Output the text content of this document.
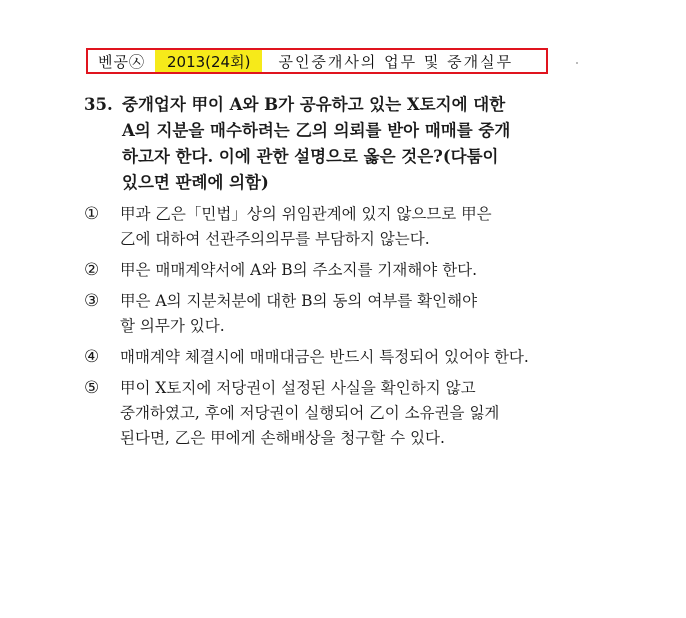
벤공㉦	2013(24회)	공인중개사의 업무 및 중개실무
35. 중개업자 甲이 A와 B가 공유하고 있는 X토지에 대한
A의 지분을 매수하려는 乙의 의뢰를 받아 매매를 중개
하고자 한다. 이에 관한 설명으로 옳은 것은?(다툼이
있으면 판례에 의함)
①	甲과 乙은「민법」상의 위임관계에 있지 않으므로 甲은
乙에 대하여 선관주의의무를 부담하지 않는다.
②	甲은 매매계약서에 A와 B의 주소지를 기재해야 한다.
③	甲은 A의 지분처분에 대한 B의 동의 여부를 확인해야
할 의무가 있다.
④	매매계약 체결시에 매매대금은 반드시 특정되어 있어야 한다.
⑤	甲이 X토지에 저당권이 설정된 사실을 확인하지 않고
중개하였고, 후에 저당권이 실행되어 乙이 소유권을 잃게
된다면, 乙은 甲에게 손해배상을 청구할 수 있다.
